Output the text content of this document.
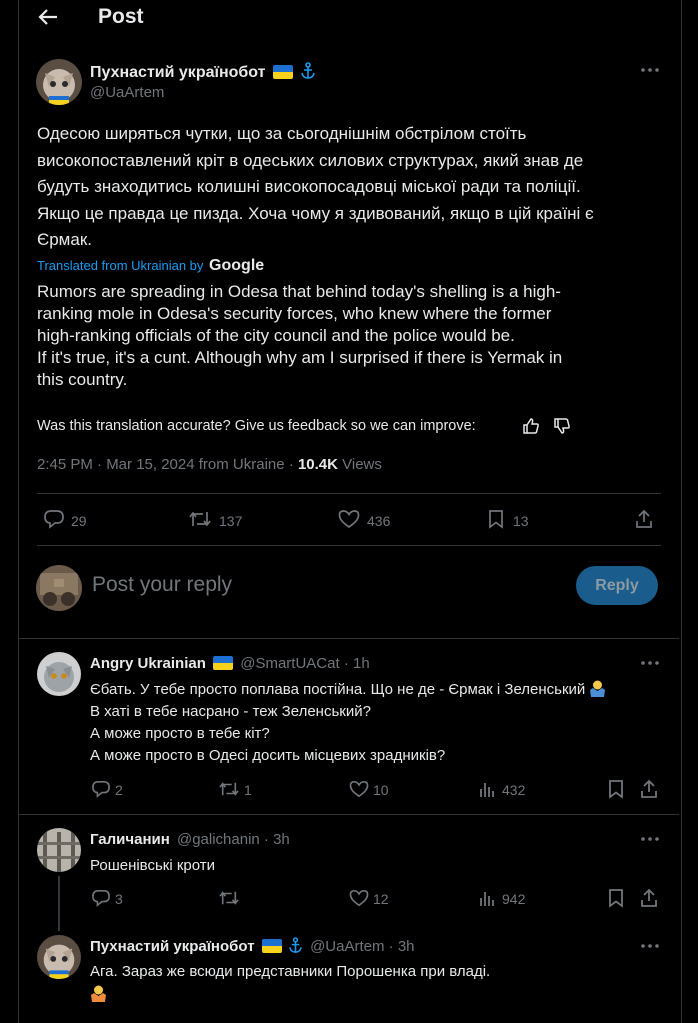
Post
Пухнастий українобот

@UaArtem
Одесою ширяться чутки, що за сьогоднішнім обстрілом стоїть
високопоставлений кріт в одеських силових структурах, який знав де
будуть знаходитись колишні високопосадовці міської ради та поліції.
Якщо це правда це пизда. Хоча чому я здивований, якщо в цій країні є
Єрмак.
Translated from Ukrainian by Google
Rumors are spreading in Odesa that behind today's shelling is a high-
ranking mole in Odesa's security forces, who knew where the former
high-ranking officials of the city council and the police would be.
If it's true, it's a cunt. Although why am I surprised if there is Yermak in
this country.
Was this translation accurate? Give us feedback so we can improve:
2:45 PM · Mar 15, 2024 from Ukraine · 10.4K Views
29	137	436	13
Post your reply	Reply
Angry Ukrainian @SmartUACat · 1h
Єбать. У тебе просто поплава постійна. Що не де - Єрмак і Зеленський
В хаті в тебе насрано - теж Зеленський?
А може просто в тебе кіт?
А може просто в Одесі досить місцевих зрадників?
2	1	10	432
Галичанин @galichanin · 3h
Рошенівські кроти
3	12	942
Пухнастий українобот
	@UaArtem · 3h
Ага. Зараз же всюди представники Порошенка при владі.
